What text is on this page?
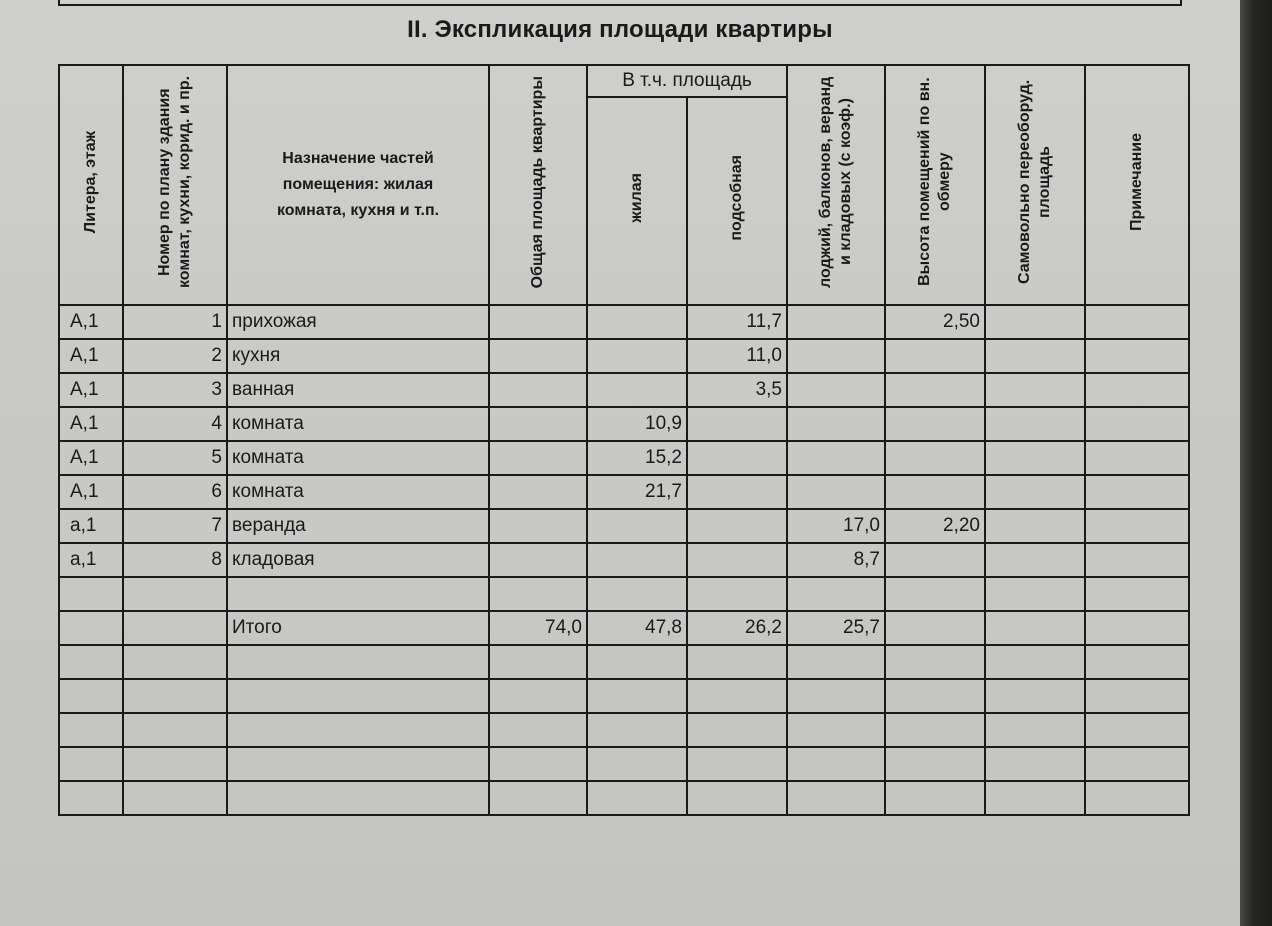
II. Экспликация площади квартиры
Литера, этаж	Номер по плану здания комнат, кухни, корид. и пр.	Назначение частей
помещения: жилая
комната, кухня и т.п.	Общая площадь квартиры	В т.ч. площадь		лоджий, балконов, веранд и кладовых (с коэф.)	Высота помещений по вн. обмеру	Самовольно переоборуд. площадь	Примечание
				жилая	подсобная				
А,1	1	прихожая			11,7		2,50		
А,1	2	кухня			11,0				
А,1	3	ванная			3,5				
А,1	4	комната		10,9					
А,1	5	комната		15,2					
А,1	6	комната		21,7					
а,1	7	веранда				17,0	2,20		
а,1	8	кладовая				8,7			

		Итого	74,0	47,8	26,2	25,7			
